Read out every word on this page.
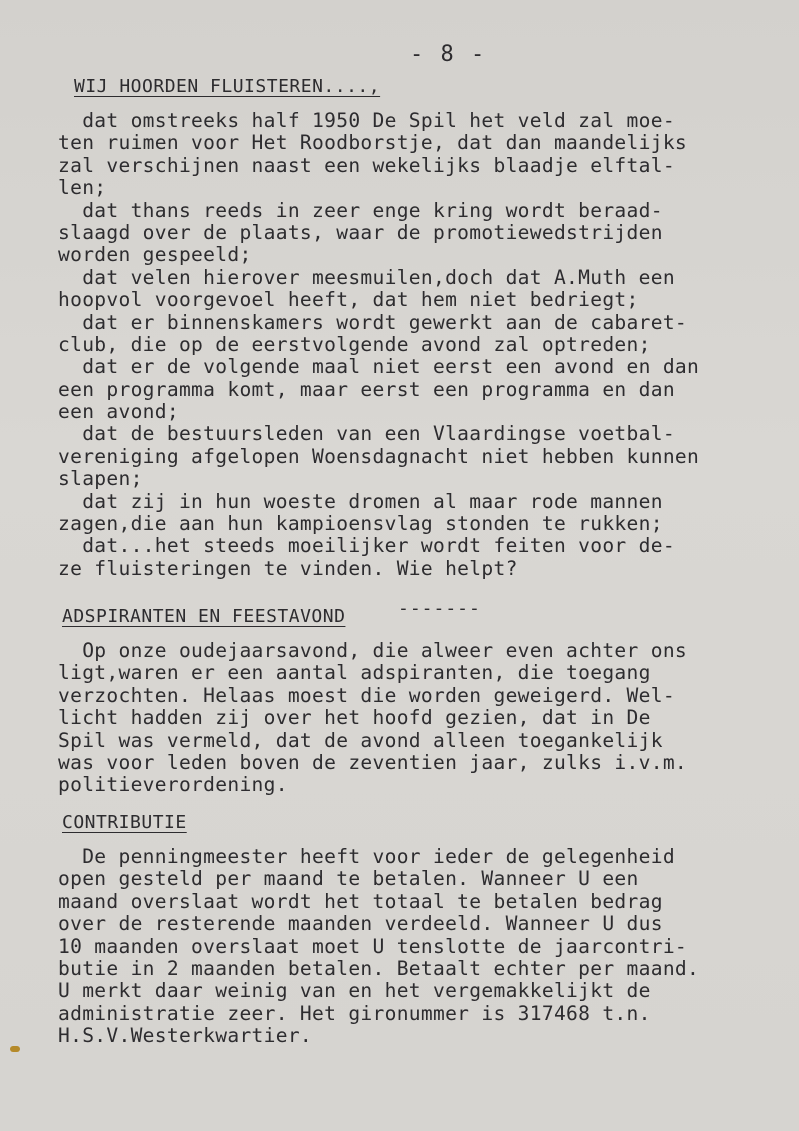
- 8 -
WIJ HOORDEN FLUISTEREN....,
dat omstreeks half 1950 De Spil het veld zal moe-
ten ruimen voor Het Roodborstje, dat dan maandelijks
zal verschijnen naast een wekelijks blaadje elftal-
len;
dat thans reeds in zeer enge kring wordt beraad-
slaagd over de plaats, waar de promotiewedstrijden
worden gespeeld;
dat velen hierover meesmuilen,doch dat A.Muth een
hoopvol voorgevoel heeft, dat hem niet bedriegt;
dat er binnenskamers wordt gewerkt aan de cabaret-
club, die op de eerstvolgende avond zal optreden;
dat er de volgende maal niet eerst een avond en dan
een programma komt, maar eerst een programma en dan
een avond;
dat de bestuursleden van een Vlaardingse voetbal-
vereniging afgelopen Woensdagnacht niet hebben kunnen
slapen;
dat zij in hun woeste dromen al maar rode mannen
zagen,die aan hun kampioensvlag stonden te rukken;
dat...het steeds moeilijker wordt feiten voor de-
ze fluisteringen te vinden. Wie helpt?
-------
ADSPIRANTEN EN FEESTAVOND
Op onze oudejaarsavond, die alweer even achter ons
ligt,waren er een aantal adspiranten, die toegang
verzochten. Helaas moest die worden geweigerd. Wel-
licht hadden zij over het hoofd gezien, dat in De
Spil was vermeld, dat de avond alleen toegankelijk
was voor leden boven de zeventien jaar, zulks i.v.m.
politieverordening.
CONTRIBUTIE
De penningmeester heeft voor ieder de gelegenheid
open gesteld per maand te betalen. Wanneer U een
maand overslaat wordt het totaal te betalen bedrag
over de resterende maanden verdeeld. Wanneer U dus
10 maanden overslaat moet U tenslotte de jaarcontri-
butie in 2 maanden betalen. Betaalt echter per maand.
U merkt daar weinig van en het vergemakkelijkt de
administratie zeer. Het gironummer is 317468 t.n.
H.S.V.Westerkwartier.
